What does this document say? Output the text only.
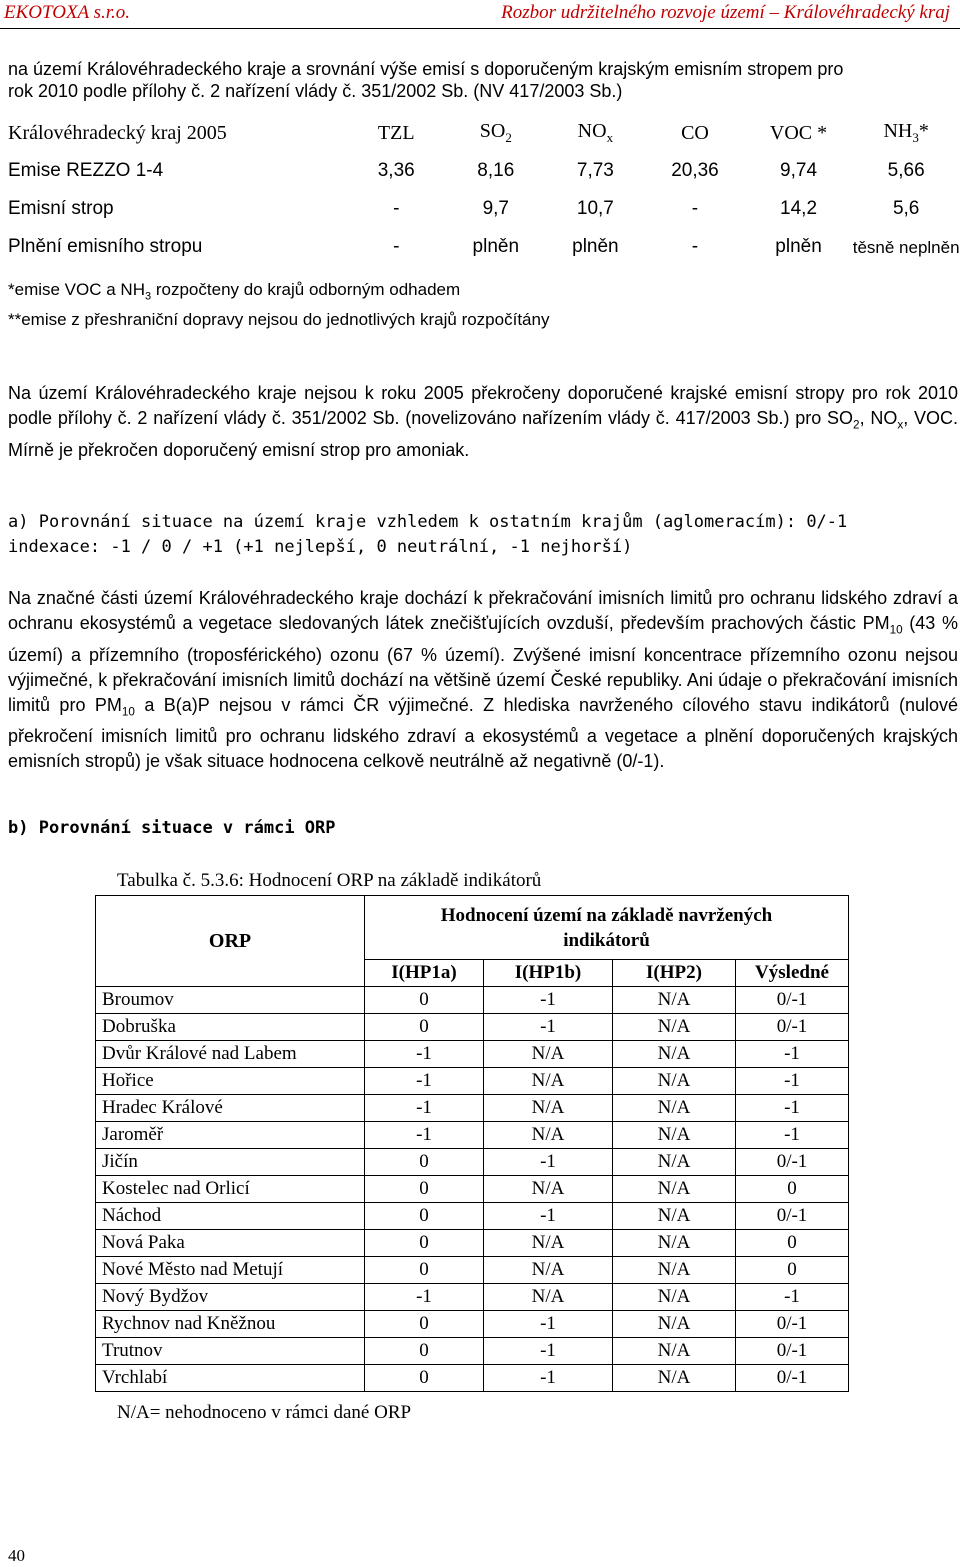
EKOTOXA s.r.o.	Rozbor udržitelného rozvoje území – Královéhradecký kraj
na území Královéhradeckého kraje a srovnání výše emisí s doporučeným krajským emisním stropem pro
rok 2010 podle přílohy č. 2 nařízení vlády č. 351/2002 Sb. (NV 417/2003 Sb.)
Královéhradecký kraj 2005	TZL	$SO_2$	$NO_x$	CO	VOC *	$NH_3*$
Emise REZZO 1-4	3,36	8,16	7,73	20,36	9,74	5,66
Emisní strop	-	9,7	10,7	-	14,2	5,6
Plnění emisního stropu	-	plněn	plněn	-	plněn	těsně neplněn
*emise VOC a $NH_3$ rozpočteny do krajů odborným odhadem
**emise z přeshraniční dopravy nejsou do jednotlivých krajů rozpočítány
Na území Královéhradeckého kraje nejsou k roku 2005 překročeny doporučené krajské emisní stropy pro rok 2010 podle přílohy č. 2 nařízení vlády č. 351/2002 Sb. (novelizováno nařízením vlády č. 417/2003 Sb.) pro $SO_2$, $NO_x$, VOC. Mírně je překročen doporučený emisní strop pro amoniak.
a) Porovnání situace na území kraje vzhledem k ostatním krajům (aglomeracím): 0/-1
indexace: -1 / 0 / +1 (+1 nejlepší, 0 neutrální, -1 nejhorší)
Na značné části území Královéhradeckého kraje dochází k překračování imisních limitů pro ochranu lidského zdraví a ochranu ekosystémů a vegetace sledovaných látek znečišťujících ovzduší, především prachových částic $PM_{10}$ (43 % území) a přízemního (troposférického) ozonu (67 % území). Zvýšené imisní koncentrace přízemního ozonu nejsou výjimečné, k překračování imisních limitů dochází na většině území České republiky. Ani údaje o překračování imisních limitů pro $PM_{10}$ a B(a)P nejsou v rámci ČR výjimečné. Z hlediska navrženého cílového stavu indikátorů (nulové překročení imisních limitů pro ochranu lidského zdraví a ekosystémů a vegetace a plnění doporučených krajských emisních stropů) je však situace hodnocena celkově neutrálně až negativně (0/-1).
b) Porovnání situace v rámci ORP
Tabulka č. 5.3.6: Hodnocení ORP na základě indikátorů
ORP	Hodnocení území na základě navržených indikátorů			

	I(HP1a)	I(HP1b)	I(HP2)	Výsledné
Broumov	0	-1	N/A	0/-1
Dobruška	0	-1	N/A	0/-1
Dvůr Králové nad Labem	-1	N/A	N/A	-1
Hořice	-1	N/A	N/A	-1
Hradec Králové	-1	N/A	N/A	-1
Jaroměř	-1	N/A	N/A	-1
Jičín	0	-1	N/A	0/-1
Kostelec nad Orlicí	0	N/A	N/A	0
Náchod	0	-1	N/A	0/-1
Nová Paka	0	N/A	N/A	0
Nové Město nad Metují	0	N/A	N/A	0
Nový Bydžov	-1	N/A	N/A	-1
Rychnov nad Kněžnou	0	-1	N/A	0/-1
Trutnov	0	-1	N/A	0/-1
Vrchlabí	0	-1	N/A	0/-1
N/A= nehodnoceno v rámci dané ORP
40
